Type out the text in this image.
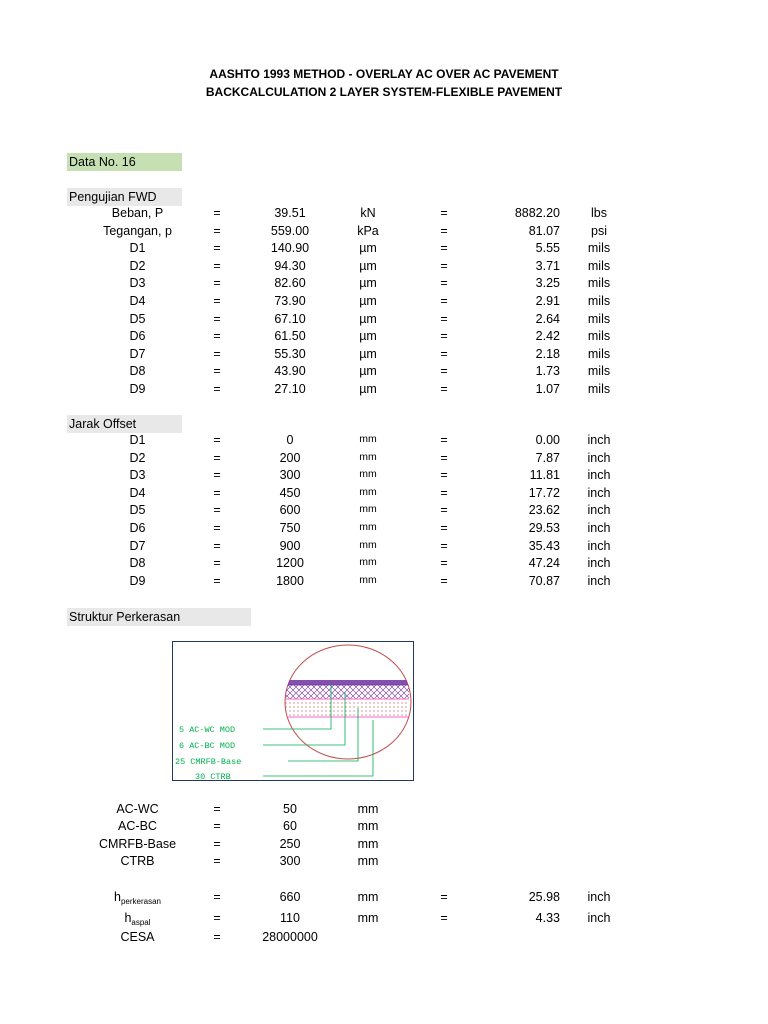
AASHTO 1993 METHOD - OVERLAY AC OVER AC PAVEMENT
BACKCALCULATION 2 LAYER SYSTEM-FLEXIBLE PAVEMENT
Data No. 16
Pengujian FWD
Beban, P	=	39.51	kN	=	8882.20	lbs
Tegangan, p	=	559.00	kPa	=	81.07	psi
D1	=	140.90	µm	=	5.55	mils
D2	=	94.30	µm	=	3.71	mils
D3	=	82.60	µm	=	3.25	mils
D4	=	73.90	µm	=	2.91	mils
D5	=	67.10	µm	=	2.64	mils
D6	=	61.50	µm	=	2.42	mils
D7	=	55.30	µm	=	2.18	mils
D8	=	43.90	µm	=	1.73	mils
D9	=	27.10	µm	=	1.07	mils
Jarak Offset
D1	=	0	mm	=	0.00	inch
D2	=	200	mm	=	7.87	inch
D3	=	300	mm	=	11.81	inch
D4	=	450	mm	=	17.72	inch
D5	=	600	mm	=	23.62	inch
D6	=	750	mm	=	29.53	inch
D7	=	900	mm	=	35.43	inch
D8	=	1200	mm	=	47.24	inch
D9	=	1800	mm	=	70.87	inch
Struktur Perkerasan
5 AC-WC MOD
6 AC-BC MOD
25 CMRFB-Base
30 CTRB
AC-WC	=	50	mm
AC-BC	=	60	mm
CMRFB-Base	=	250	mm
CTRB	=	300	mm
$h_{perkerasan}$	=	660	mm	=	25.98	inch
$h_{aspal}$	=	110	mm	=	4.33	inch
CESA	=	28000000
